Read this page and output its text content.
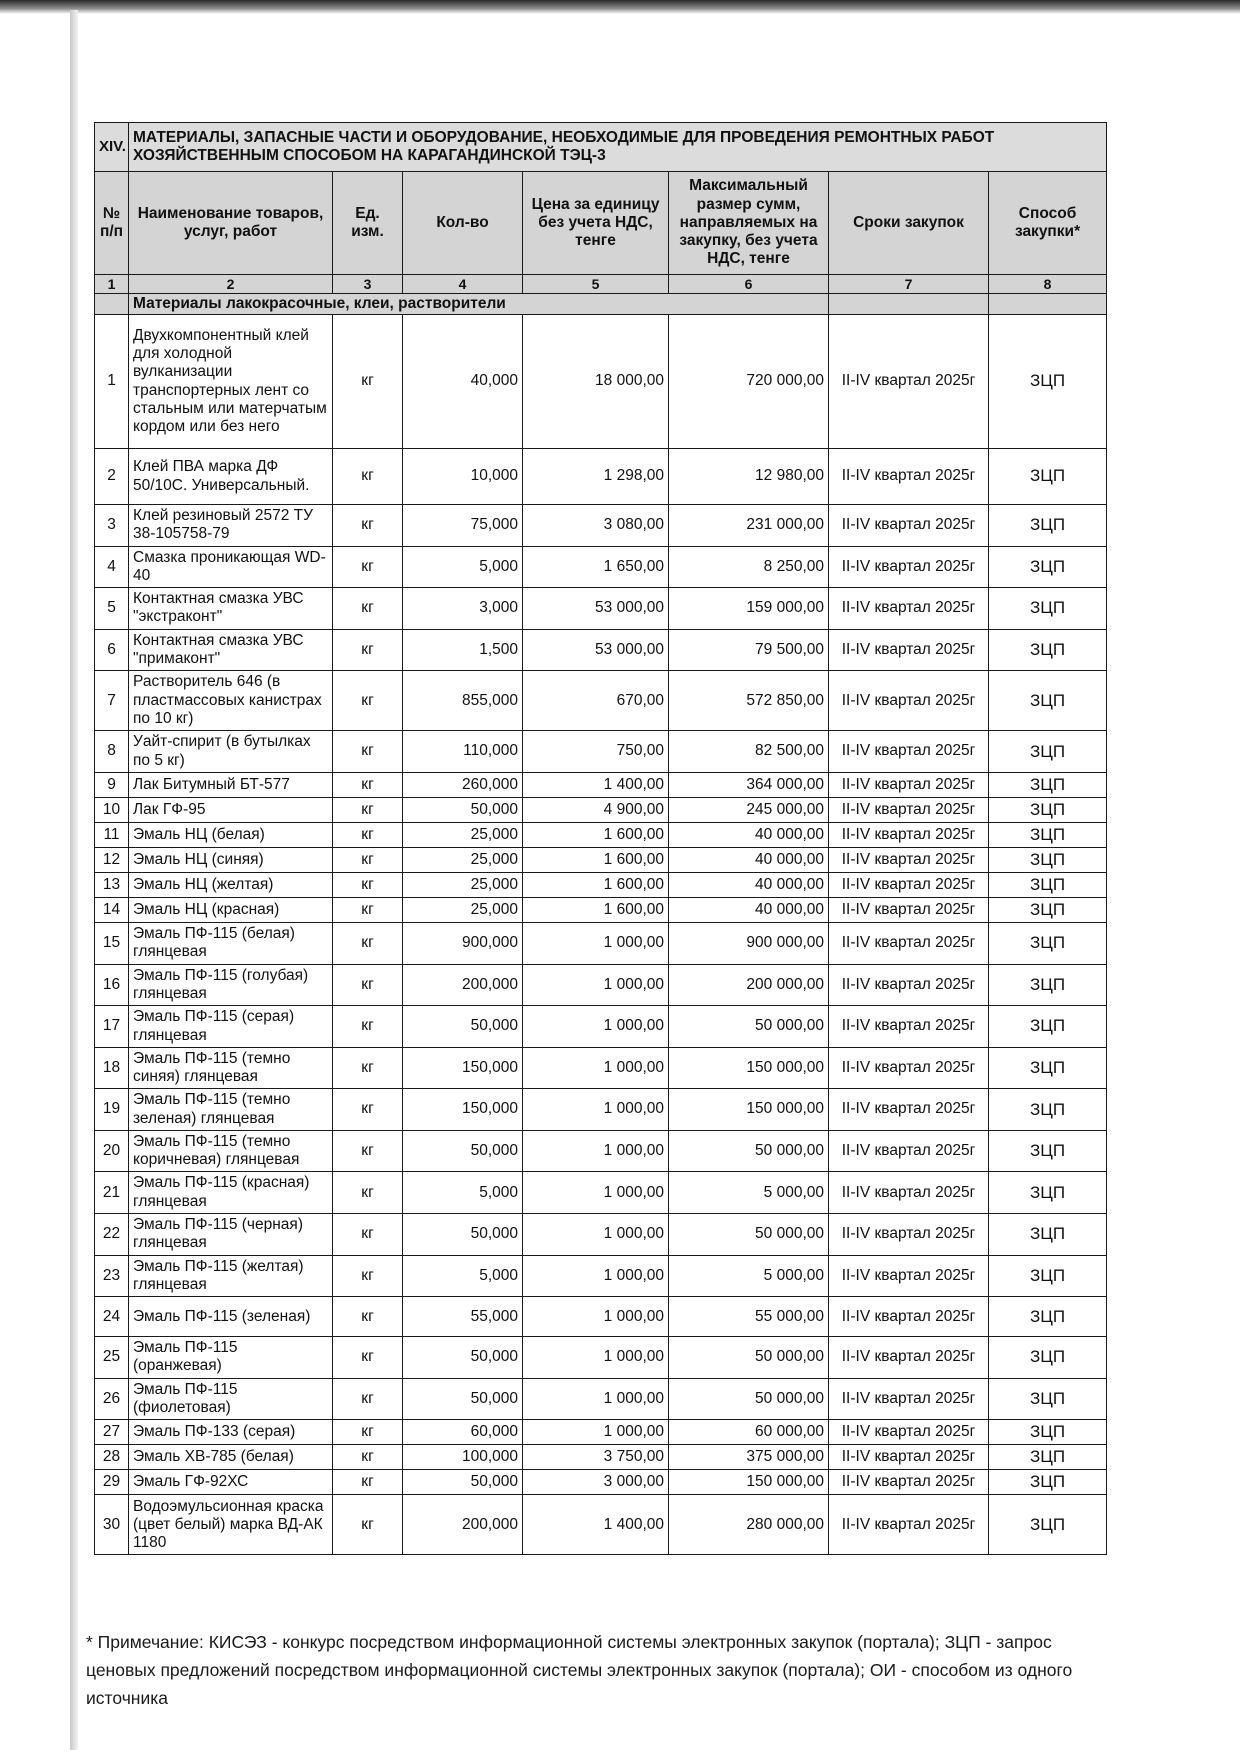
XIV.	МАТЕРИАЛЫ, ЗАПАСНЫЕ ЧАСТИ И ОБОРУДОВАНИЕ, НЕОБХОДИМЫЕ ДЛЯ ПРОВЕДЕНИЯ РЕМОНТНЫХ РАБОТ ХОЗЯЙСТВЕННЫМ СПОСОБОМ НА КАРАГАНДИНСКОЙ ТЭЦ-3						
№ п/п	Наименование товаров, услуг, работ	Ед. изм.	Кол-во	Цена за единицу без учета НДС, тенге	Максимальный размер сумм, направляемых на закупку, без учета НДС, тенге	Сроки закупок	Способ закупки*
1	2	3	4	5	6	7	8
	Материалы лакокрасочные, клеи, растворители						
1	Двухкомпонентный клей для холодной вулканизации транспортерных лент со стальным или матерчатым кордом или без него	кг	40,000	18 000,00	720 000,00	II-IV квартал 2025г	ЗЦП
2	Клей ПВА марка ДФ 50/10С. Универсальный.	кг	10,000	1 298,00	12 980,00	II-IV квартал 2025г	ЗЦП
3	Клей резиновый 2572 ТУ 38-105758-79	кг	75,000	3 080,00	231 000,00	II-IV квартал 2025г	ЗЦП
4	Смазка проникающая WD-40	кг	5,000	1 650,00	8 250,00	II-IV квартал 2025г	ЗЦП
5	Контактная смазка УВС "экстраконт"	кг	3,000	53 000,00	159 000,00	II-IV квартал 2025г	ЗЦП
6	Контактная смазка УВС "примаконт"	кг	1,500	53 000,00	79 500,00	II-IV квартал 2025г	ЗЦП
7	Растворитель 646 (в пластмассовых канистрах по 10 кг)	кг	855,000	670,00	572 850,00	II-IV квартал 2025г	ЗЦП
8	Уайт-спирит (в бутылках по 5 кг)	кг	110,000	750,00	82 500,00	II-IV квартал 2025г	ЗЦП
9	Лак Битумный БТ-577	кг	260,000	1 400,00	364 000,00	II-IV квартал 2025г	ЗЦП
10	Лак ГФ-95	кг	50,000	4 900,00	245 000,00	II-IV квартал 2025г	ЗЦП
11	Эмаль НЦ (белая)	кг	25,000	1 600,00	40 000,00	II-IV квартал 2025г	ЗЦП
12	Эмаль НЦ (синяя)	кг	25,000	1 600,00	40 000,00	II-IV квартал 2025г	ЗЦП
13	Эмаль НЦ (желтая)	кг	25,000	1 600,00	40 000,00	II-IV квартал 2025г	ЗЦП
14	Эмаль НЦ (красная)	кг	25,000	1 600,00	40 000,00	II-IV квартал 2025г	ЗЦП
15	Эмаль ПФ-115 (белая) глянцевая	кг	900,000	1 000,00	900 000,00	II-IV квартал 2025г	ЗЦП
16	Эмаль ПФ-115 (голубая) глянцевая	кг	200,000	1 000,00	200 000,00	II-IV квартал 2025г	ЗЦП
17	Эмаль ПФ-115 (серая) глянцевая	кг	50,000	1 000,00	50 000,00	II-IV квартал 2025г	ЗЦП
18	Эмаль ПФ-115 (темно синяя) глянцевая	кг	150,000	1 000,00	150 000,00	II-IV квартал 2025г	ЗЦП
19	Эмаль ПФ-115 (темно зеленая) глянцевая	кг	150,000	1 000,00	150 000,00	II-IV квартал 2025г	ЗЦП
20	Эмаль ПФ-115 (темно коричневая) глянцевая	кг	50,000	1 000,00	50 000,00	II-IV квартал 2025г	ЗЦП
21	Эмаль ПФ-115 (красная) глянцевая	кг	5,000	1 000,00	5 000,00	II-IV квартал 2025г	ЗЦП
22	Эмаль ПФ-115 (черная) глянцевая	кг	50,000	1 000,00	50 000,00	II-IV квартал 2025г	ЗЦП
23	Эмаль ПФ-115 (желтая) глянцевая	кг	5,000	1 000,00	5 000,00	II-IV квартал 2025г	ЗЦП
24	Эмаль ПФ-115 (зеленая)	кг	55,000	1 000,00	55 000,00	II-IV квартал 2025г	ЗЦП
25	Эмаль ПФ-115 (оранжевая)	кг	50,000	1 000,00	50 000,00	II-IV квартал 2025г	ЗЦП
26	Эмаль ПФ-115 (фиолетовая)	кг	50,000	1 000,00	50 000,00	II-IV квартал 2025г	ЗЦП
27	Эмаль ПФ-133 (серая)	кг	60,000	1 000,00	60 000,00	II-IV квартал 2025г	ЗЦП
28	Эмаль ХВ-785 (белая)	кг	100,000	3 750,00	375 000,00	II-IV квартал 2025г	ЗЦП
29	Эмаль ГФ-92ХС	кг	50,000	3 000,00	150 000,00	II-IV квартал 2025г	ЗЦП
30	Водоэмульсионная краска (цвет белый) марка ВД-АК 1180	кг	200,000	1 400,00	280 000,00	II-IV квартал 2025г	ЗЦП
* Примечание: КИСЭЗ - конкурс посредством информационной системы электронных закупок (портала); ЗЦП - запрос ценовых предложений посредством информационной системы электронных закупок (портала); ОИ - способом из одного источника
